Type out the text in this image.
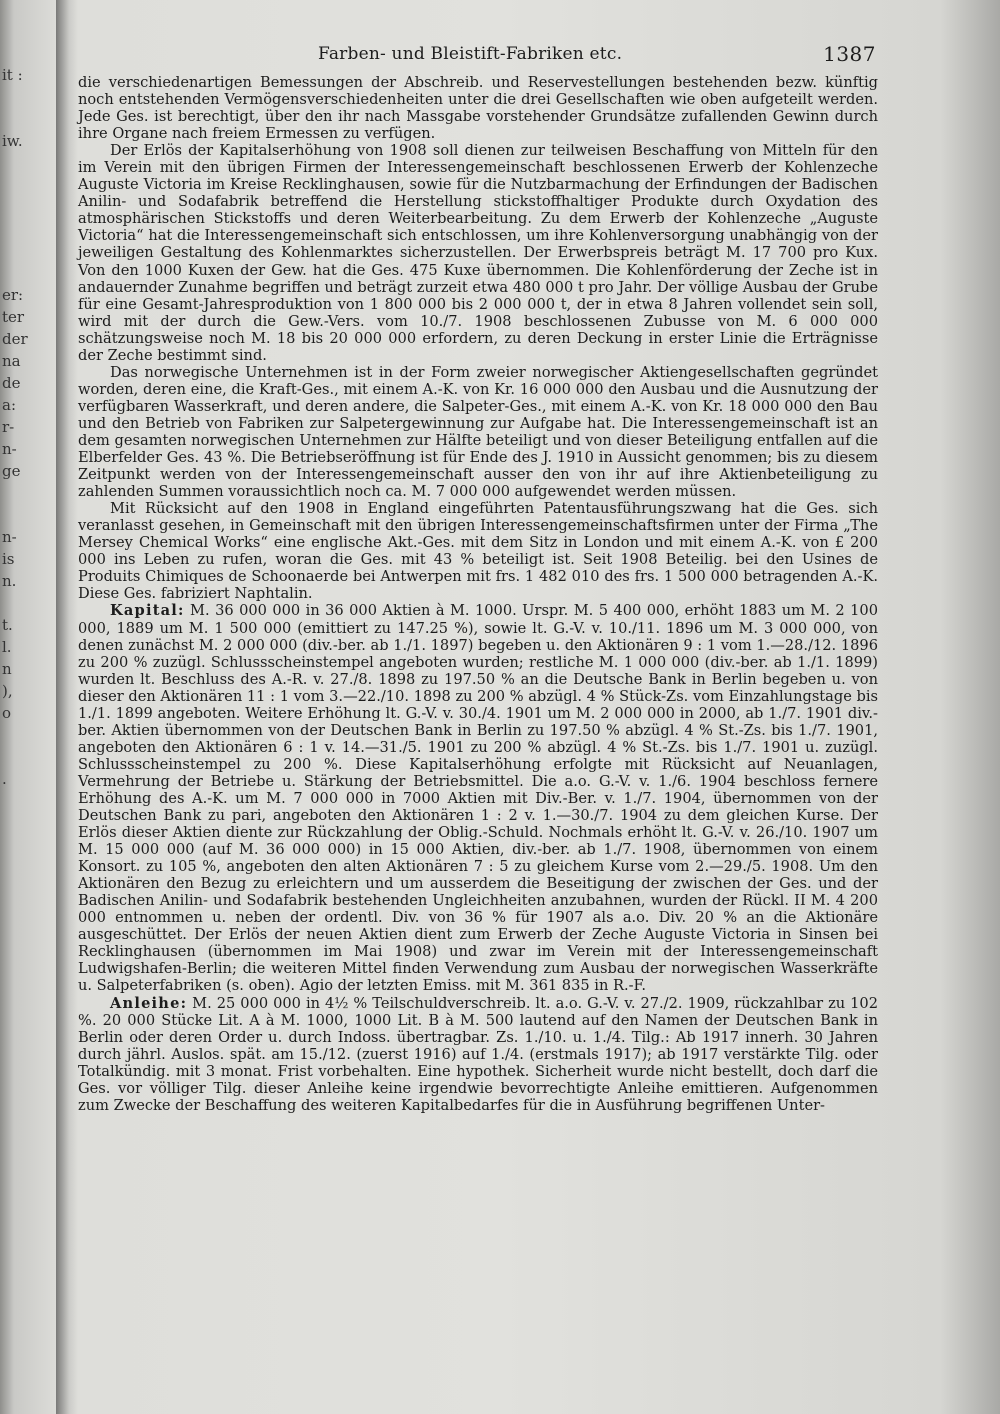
it :
iw.
er:
ter
der
na
de
a:
r-
n-
ge
n-
is
n.
t.
l.
n
),
o
.
Farben- und Bleistift-Fabriken etc.	1387

die verschiedenartigen Bemessungen der Abschreib. und Reservestellungen bestehenden bezw. künftig noch entstehenden Vermögensverschiedenheiten unter die drei Gesellschaften wie oben aufgeteilt werden. Jede Ges. ist berechtigt, über den ihr nach Massgabe vorstehender Grundsätze zufallenden Gewinn durch ihre Organe nach freiem Ermessen zu verfügen.

Der Erlös der Kapitalserhöhung von 1908 soll dienen zur teilweisen Beschaffung von Mitteln für den im Verein mit den übrigen Firmen der Interessengemeinschaft beschlossenen Erwerb der Kohlenzeche Auguste Victoria im Kreise Recklinghausen, sowie für die Nutzbarmachung der Erfindungen der Badischen Anilin- und Sodafabrik betreffend die Herstellung stickstoffhaltiger Produkte durch Oxydation des atmosphärischen Stickstoffs und deren Weiterbearbeitung. Zu dem Erwerb der Kohlenzeche „Auguste Victoria“ hat die Interessengemeinschaft sich entschlossen, um ihre Kohlenversorgung unabhängig von der jeweiligen Gestaltung des Kohlenmarktes sicherzustellen. Der Erwerbspreis beträgt M. 17 700 pro Kux. Von den 1000 Kuxen der Gew. hat die Ges. 475 Kuxe übernommen. Die Kohlenförderung der Zeche ist in andauernder Zunahme begriffen und beträgt zurzeit etwa 480 000 t pro Jahr. Der völlige Ausbau der Grube für eine Gesamt-Jahresproduktion von 1 800 000 bis 2 000 000 t, der in etwa 8 Jahren vollendet sein soll, wird mit der durch die Gew.-Vers. vom 10./7. 1908 beschlossenen Zubusse von M. 6 000 000 schätzungsweise noch M. 18 bis 20 000 000 erfordern, zu deren Deckung in erster Linie die Erträgnisse der Zeche bestimmt sind.

Das norwegische Unternehmen ist in der Form zweier norwegischer Aktiengesellschaften gegründet worden, deren eine, die Kraft-Ges., mit einem A.-K. von Kr. 16 000 000 den Ausbau und die Ausnutzung der verfügbaren Wasserkraft, und deren andere, die Salpeter-Ges., mit einem A.-K. von Kr. 18 000 000 den Bau und den Betrieb von Fabriken zur Salpetergewinnung zur Aufgabe hat. Die Interessengemeinschaft ist an dem gesamten norwegischen Unternehmen zur Hälfte beteiligt und von dieser Beteiligung entfallen auf die Elberfelder Ges. 43 %. Die Betriebseröffnung ist für Ende des J. 1910 in Aussicht genommen; bis zu diesem Zeitpunkt werden von der Interessengemeinschaft ausser den von ihr auf ihre Aktienbeteiligung zu zahlenden Summen voraussichtlich noch ca. M. 7 000 000 aufgewendet werden müssen.

Mit Rücksicht auf den 1908 in England eingeführten Patentausführungszwang hat die Ges. sich veranlasst gesehen, in Gemeinschaft mit den übrigen Interessengemeinschaftsfirmen unter der Firma „The Mersey Chemical Works“ eine englische Akt.-Ges. mit dem Sitz in London und mit einem A.-K. von £ 200 000 ins Leben zu rufen, woran die Ges. mit 43 % beteiligt ist. Seit 1908 Beteilig. bei den Usines de Produits Chimiques de Schoonaerde bei Antwerpen mit frs. 1 482 010 des frs. 1 500 000 betragenden A.-K. Diese Ges. fabriziert Naphtalin.

Kapital: M. 36 000 000 in 36 000 Aktien à M. 1000. Urspr. M. 5 400 000, erhöht 1883 um M. 2 100 000, 1889 um M. 1 500 000 (emittiert zu 147.25 %), sowie lt. G.-V. v. 10./11. 1896 um M. 3 000 000, von denen zunächst M. 2 000 000 (div.-ber. ab 1./1. 1897) begeben u. den Aktionären 9 : 1 vom 1.—28./12. 1896 zu 200 % zuzügl. Schlussscheinstempel angeboten wurden; restliche M. 1 000 000 (div.-ber. ab 1./1. 1899) wurden lt. Beschluss des A.-R. v. 27./8. 1898 zu 197.50 % an die Deutsche Bank in Berlin begeben u. von dieser den Aktionären 11 : 1 vom 3.—22./10. 1898 zu 200 % abzügl. 4 % Stück-Zs. vom Einzahlungstage bis 1./1. 1899 angeboten. Weitere Erhöhung lt. G.-V. v. 30./4. 1901 um M. 2 000 000 in 2000, ab 1./7. 1901 div.-ber. Aktien übernommen von der Deutschen Bank in Berlin zu 197.50 % abzügl. 4 % St.-Zs. bis 1./7. 1901, angeboten den Aktionären 6 : 1 v. 14.—31./5. 1901 zu 200 % abzügl. 4 % St.-Zs. bis 1./7. 1901 u. zuzügl. Schlussscheinstempel zu 200 %. Diese Kapitalserhöhung erfolgte mit Rücksicht auf Neuanlagen, Vermehrung der Betriebe u. Stärkung der Betriebsmittel. Die a.o. G.-V. v. 1./6. 1904 beschloss fernere Erhöhung des A.-K. um M. 7 000 000 in 7000 Aktien mit Div.-Ber. v. 1./7. 1904, übernommen von der Deutschen Bank zu pari, angeboten den Aktionären 1 : 2 v. 1.—30./7. 1904 zu dem gleichen Kurse. Der Erlös dieser Aktien diente zur Rückzahlung der Oblig.-Schuld. Nochmals erhöht lt. G.-V. v. 26./10. 1907 um M. 15 000 000 (auf M. 36 000 000) in 15 000 Aktien, div.-ber. ab 1./7. 1908, übernommen von einem Konsort. zu 105 %, angeboten den alten Aktionären 7 : 5 zu gleichem Kurse vom 2.—29./5. 1908. Um den Aktionären den Bezug zu erleichtern und um ausserdem die Beseitigung der zwischen der Ges. und der Badischen Anilin- und Sodafabrik bestehenden Ungleichheiten anzubahnen, wurden der Rückl. II M. 4 200 000 entnommen u. neben der ordentl. Div. von 36 % für 1907 als a.o. Div. 20 % an die Aktionäre ausgeschüttet. Der Erlös der neuen Aktien dient zum Erwerb der Zeche Auguste Victoria in Sinsen bei Recklinghausen (übernommen im Mai 1908) und zwar im Verein mit der Interessengemeinschaft Ludwigshafen-Berlin; die weiteren Mittel finden Verwendung zum Ausbau der norwegischen Wasserkräfte u. Salpeterfabriken (s. oben). Agio der letzten Emiss. mit M. 361 835 in R.-F.

Anleihe: M. 25 000 000 in 4½ % Teilschuldverschreib. lt. a.o. G.-V. v. 27./2. 1909, rückzahlbar zu 102 %. 20 000 Stücke Lit. A à M. 1000, 1000 Lit. B à M. 500 lautend auf den Namen der Deutschen Bank in Berlin oder deren Order u. durch Indoss. übertragbar. Zs. 1./10. u. 1./4. Tilg.: Ab 1917 innerh. 30 Jahren durch jährl. Auslos. spät. am 15./12. (zuerst 1916) auf 1./4. (erstmals 1917); ab 1917 verstärkte Tilg. oder Totalkündig. mit 3 monat. Frist vorbehalten. Eine hypothek. Sicherheit wurde nicht bestellt, doch darf die Ges. vor völliger Tilg. dieser Anleihe keine irgendwie bevorrechtigte Anleihe emittieren. Aufgenommen zum Zwecke der Beschaffung des weiteren Kapitalbedarfes für die in Ausführung begriffenen Unter-
